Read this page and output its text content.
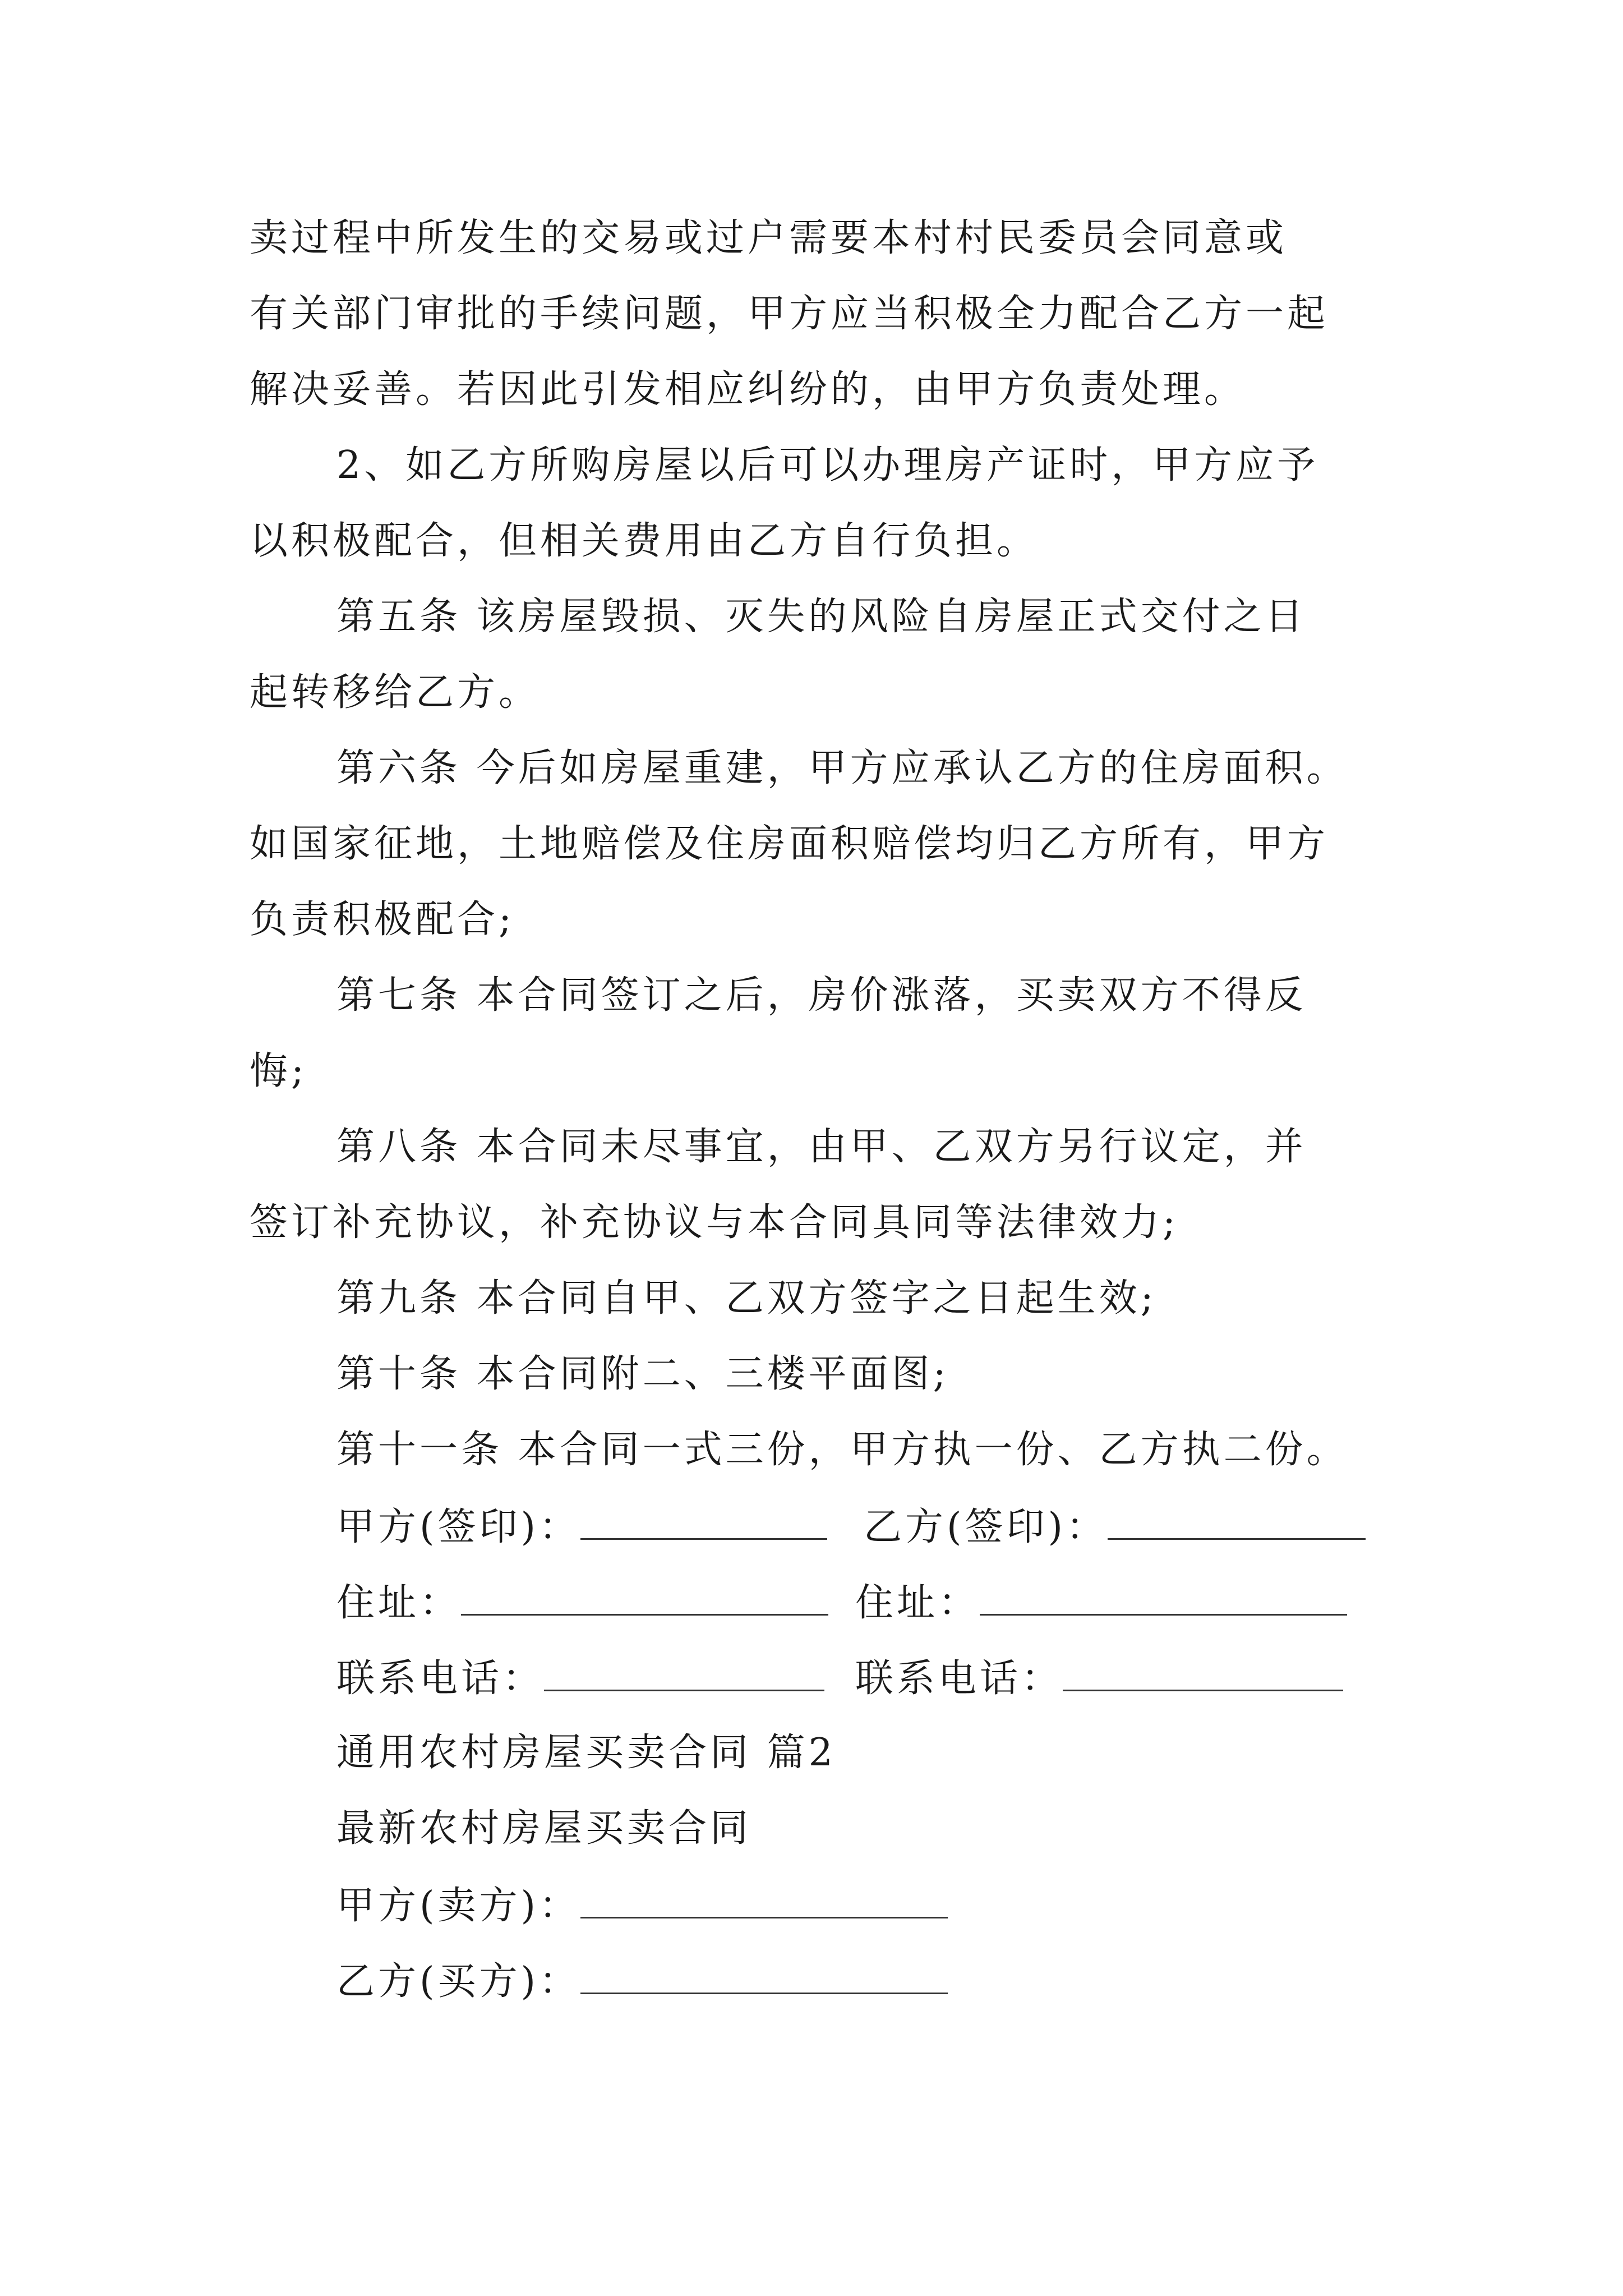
卖过程中所发生的交易或过户需要本村村民委员会同意或
有关部门审批的手续问题，甲方应当积极全力配合乙方一起
解决妥善。若因此引发相应纠纷的，由甲方负责处理。
2、如乙方所购房屋以后可以办理房产证时，甲方应予
以积极配合，但相关费用由乙方自行负担。
第五条 该房屋毁损、灭失的风险自房屋正式交付之日
起转移给乙方。
第六条 今后如房屋重建，甲方应承认乙方的住房面积。
如国家征地，土地赔偿及住房面积赔偿均归乙方所有，甲方
负责积极配合;
第七条 本合同签订之后，房价涨落，买卖双方不得反
悔;
第八条 本合同未尽事宜，由甲、乙双方另行议定，并
签订补充协议，补充协议与本合同具同等法律效力;
第九条 本合同自甲、乙双方签字之日起生效;
第十条 本合同附二、三楼平面图;
第十一条 本合同一式三份，甲方执一份、乙方执二份。
甲方(签印)：	乙方(签印)：
住址：	住址：
联系电话：	联系电话：
通用农村房屋买卖合同 篇2
最新农村房屋买卖合同
甲方(卖方)：
乙方(买方)：
